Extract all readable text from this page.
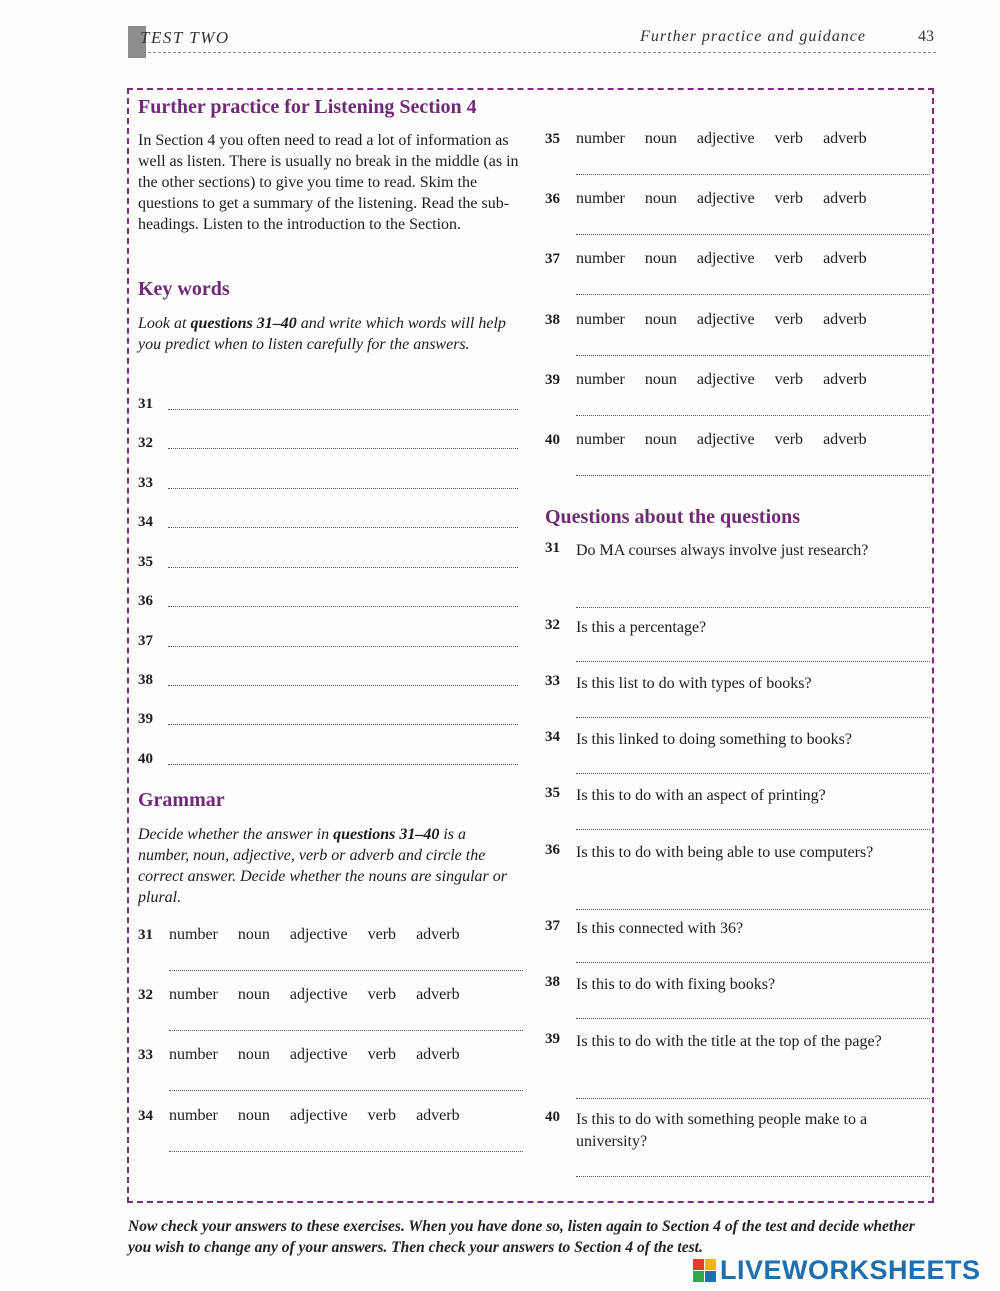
TEST TWO	Further practice and guidance	43
Further practice for Listening Section 4

In Section 4 you often need to read a lot of information as well as listen. There is usually no break in the middle (as in the other sections) to give you time to read. Skim the questions to get a summary of the listening. Read the sub-headings. Listen to the introduction to the Section.

Key words

Look at questions 31–40 and write which words will help you predict when to listen carefully for the answers.

31
32
33
34
35
36
37
38
39
40
Grammar

Decide whether the answer in questions 31–40 is a number, noun, adjective, verb or adverb and circle the correct answer. Decide whether the nouns are singular or plural.

31	number noun adjective verb adverb
32	number noun adjective verb adverb
33	number noun adjective verb adverb
34	number noun adjective verb adverb
35	number noun adjective verb adverb
36	number noun adjective verb adverb
37	number noun adjective verb adverb
38	number noun adjective verb adverb
39	number noun adjective verb adverb
40	number noun adjective verb adverb
Questions about the questions
31 Do MA courses always involve just research?
32 Is this a percentage?
33 Is this list to do with types of books?
34 Is this linked to doing something to books?
35 Is this to do with an aspect of printing?
36 Is this to do with being able to use computers?
37 Is this connected with 36?
38 Is this to do with fixing books?
39 Is this to do with the title at the top of the page?
40 Is this to do with something people make to a university?

Now check your answers to these exercises. When you have done so, listen again to Section 4 of the test and decide whether you wish to change any of your answers. Then check your answers to Section 4 of the test.

LIVEWORKSHEETS
